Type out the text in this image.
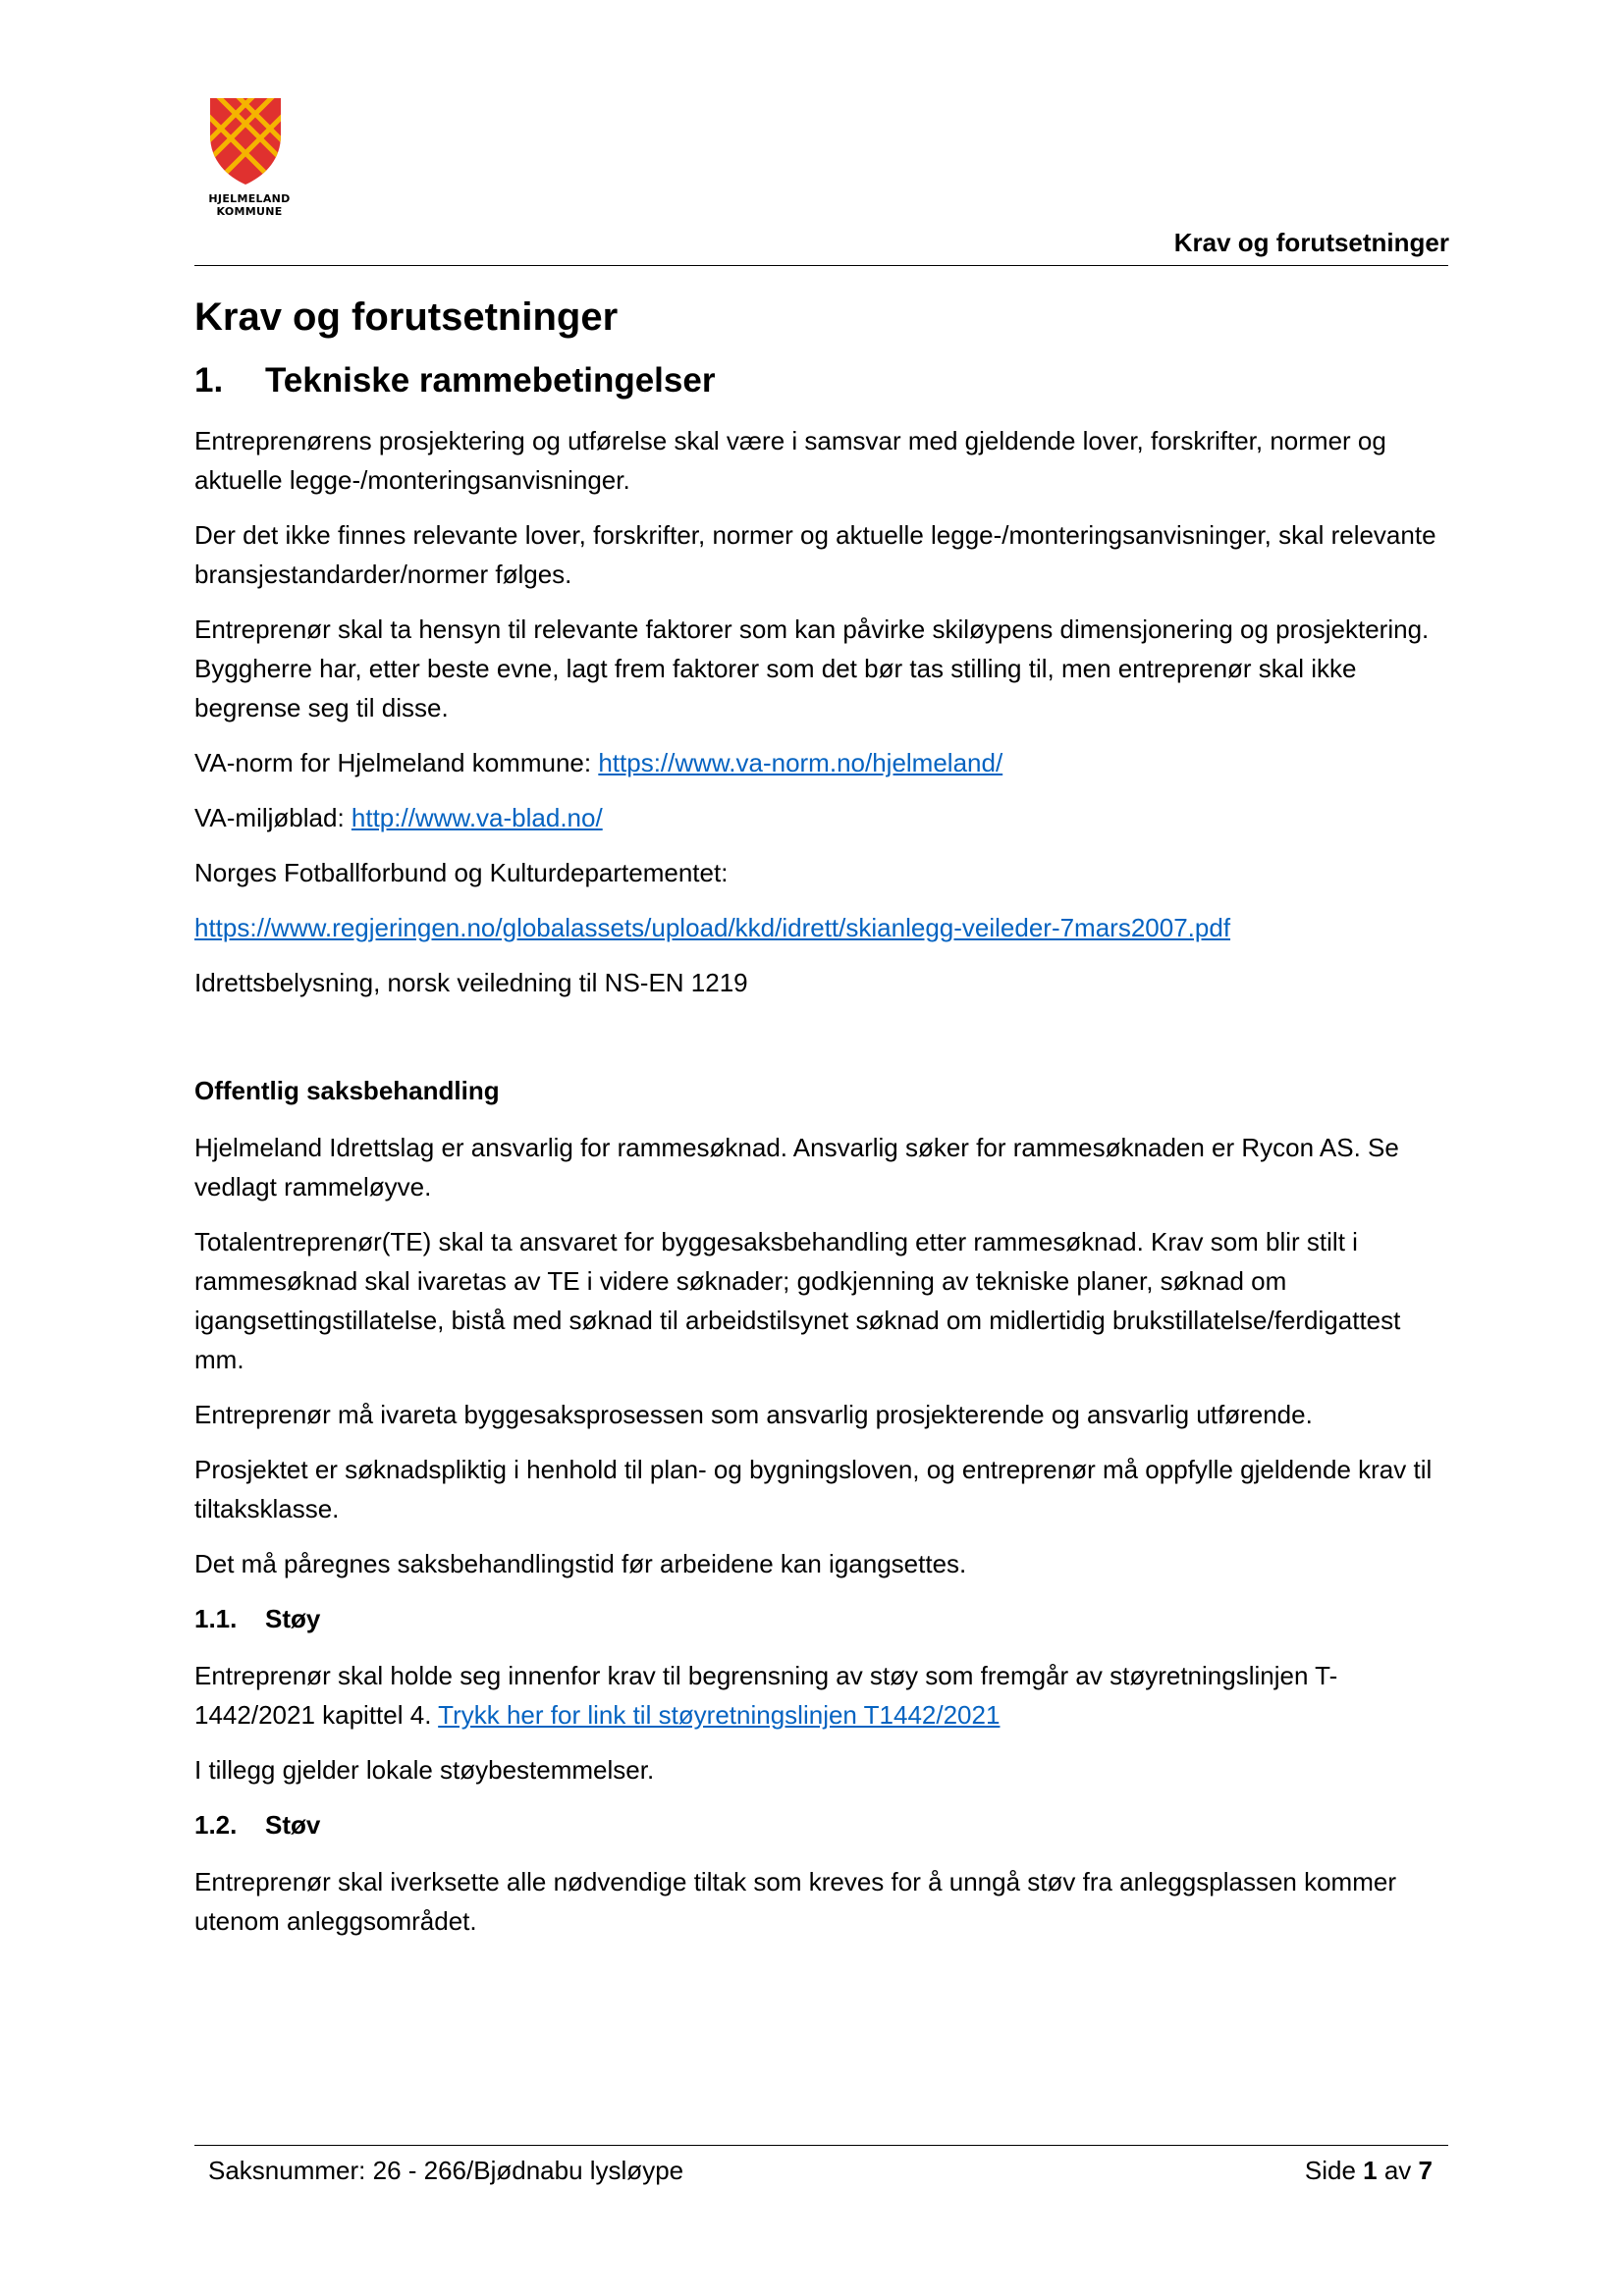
HJELMELAND
KOMMUNE
Krav og forutsetninger
Krav og forutsetninger
1. Tekniske rammebetingelser

Entreprenørens prosjektering og utførelse skal være i samsvar med gjeldende lover, forskrifter, normer og aktuelle legge-/monteringsanvisninger.

Der det ikke finnes relevante lover, forskrifter, normer og aktuelle legge-/monteringsanvisninger, skal relevante bransjestandarder/normer følges.

Entreprenør skal ta hensyn til relevante faktorer som kan påvirke skiløypens dimensjonering og prosjektering. Byggherre har, etter beste evne, lagt frem faktorer som det bør tas stilling til, men entreprenør skal ikke begrense seg til disse.

VA-norm for Hjelmeland kommune: https://www.va-norm.no/hjelmeland/

VA-miljøblad: http://www.va-blad.no/

Norges Fotballforbund og Kulturdepartementet:

https://www.regjeringen.no/globalassets/upload/kkd/idrett/skianlegg-veileder-7mars2007.pdf

Idrettsbelysning, norsk veiledning til NS-EN 1219

Offentlig saksbehandling

Hjelmeland Idrettslag er ansvarlig for rammesøknad. Ansvarlig søker for rammesøknaden er Rycon AS. Se vedlagt rammeløyve.

Totalentreprenør(TE) skal ta ansvaret for byggesaksbehandling etter rammesøknad. Krav som blir stilt i rammesøknad skal ivaretas av TE i videre søknader; godkjenning av tekniske planer, søknad om igangsettingstillatelse, bistå med søknad til arbeidstilsynet søknad om midlertidig brukstillatelse/ferdigattest mm.

Entreprenør må ivareta byggesaksprosessen som ansvarlig prosjekterende og ansvarlig utførende.

Prosjektet er søknadspliktig i henhold til plan- og bygningsloven, og entreprenør må oppfylle gjeldende krav til tiltaksklasse.

Det må påregnes saksbehandlingstid før arbeidene kan igangsettes.

1.1. Støy

Entreprenør skal holde seg innenfor krav til begrensning av støy som fremgår av støyretningslinjen T-1442/2021 kapittel 4. Trykk her for link til støyretningslinjen T1442/2021

I tillegg gjelder lokale støybestemmelser.

1.2. Støv

Entreprenør skal iverksette alle nødvendige tiltak som kreves for å unngå støv fra anleggsplassen kommer utenom anleggsområdet.

Saksnummer: 26 - 266/Bjødnabu lysløype	Side 1 av 7
